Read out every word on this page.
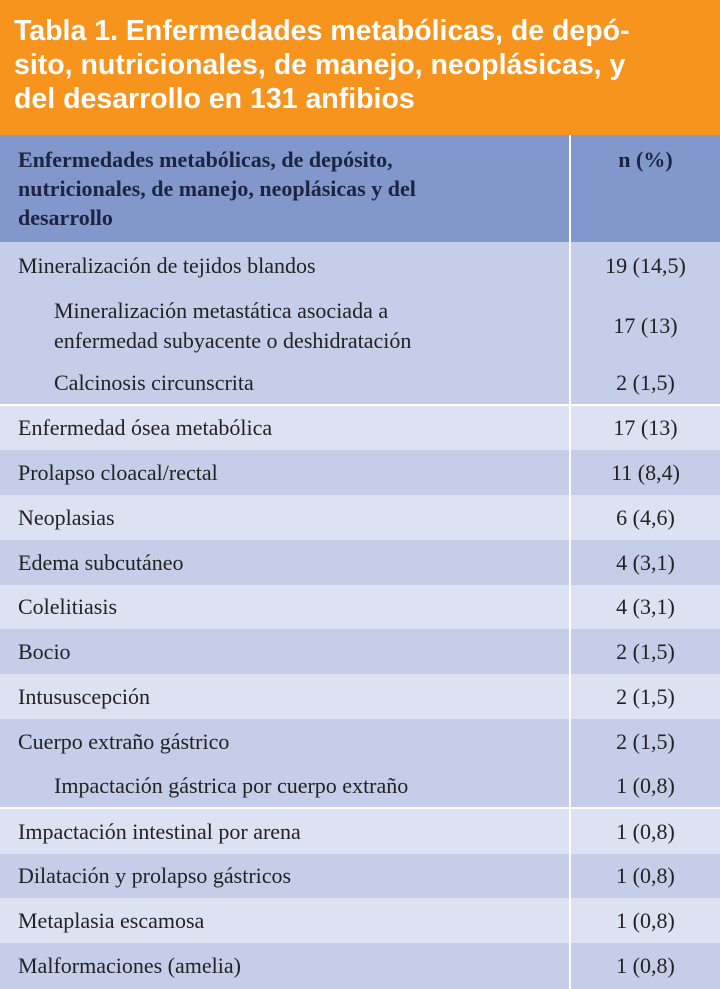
Tabla 1. Enfermedades metabólicas, de depó-
sito, nutricionales, de manejo, neoplásicas, y
del desarrollo en 131 anfibios

Enfermedades metabólicas, de depósito,
nutricionales, de manejo, neoplásicas y del
desarrollo	n (%)
Mineralización de tejidos blandos	19 (14,5)
Mineralización metastática asociada a
enfermedad subyacente o deshidratación	17 (13)
Calcinosis circunscrita	2 (1,5)
Enfermedad ósea metabólica	17 (13)
Prolapso cloacal/rectal	11 (8,4)
Neoplasias	6 (4,6)
Edema subcutáneo	4 (3,1)
Colelitiasis	4 (3,1)
Bocio	2 (1,5)
Intususcepción	2 (1,5)
Cuerpo extraño gástrico	2 (1,5)
Impactación gástrica por cuerpo extraño	1 (0,8)
Impactación intestinal por arena	1 (0,8)
Dilatación y prolapso gástricos	1 (0,8)
Metaplasia escamosa	1 (0,8)
Malformaciones (amelia)	1 (0,8)
